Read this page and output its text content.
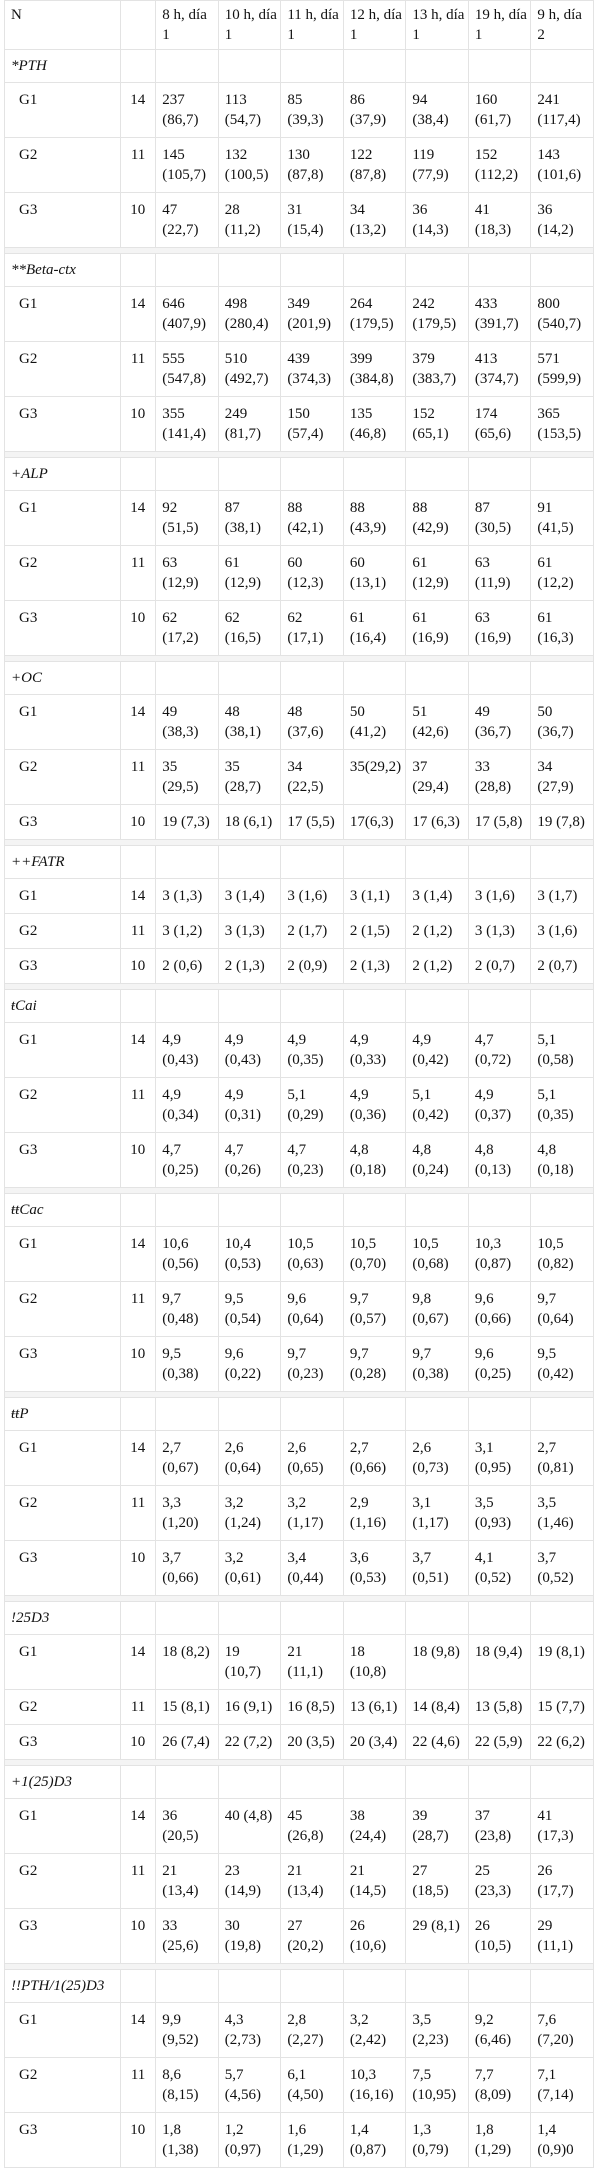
N		8 h, día 1	10 h, día 1	11 h, día 1	12 h, día 1	13 h, día 1	19 h, día 1	9 h, día 2
*PTH								
G1	14	237 (86,7)	113 (54,7)	85 (39,3)	86 (37,9)	94 (38,4)	160 (61,7)	241 (117,4)
G2	11	145 (105,7)	132 (100,5)	130 (87,8)	122 (87,8)	119 (77,9)	152 (112,2)	143 (101,6)
G3	10	47 (22,7)	28 (11,2)	31 (15,4)	34 (13,2)	36 (14,3)	41 (18,3)	36 (14,2)

**Beta-ctx								
G1	14	646 (407,9)	498 (280,4)	349 (201,9)	264 (179,5)	242 (179,5)	433 (391,7)	800 (540,7)
G2	11	555 (547,8)	510 (492,7)	439 (374,3)	399 (384,8)	379 (383,7)	413 (374,7)	571 (599,9)
G3	10	355 (141,4)	249 (81,7)	150 (57,4)	135 (46,8)	152 (65,1)	174 (65,6)	365 (153,5)

+ALP								
G1	14	92 (51,5)	87 (38,1)	88 (42,1)	88 (43,9)	88 (42,9)	87 (30,5)	91 (41,5)
G2	11	63 (12,9)	61 (12,9)	60 (12,3)	60 (13,1)	61 (12,9)	63 (11,9)	61 (12,2)
G3	10	62 (17,2)	62 (16,5)	62 (17,1)	61 (16,4)	61 (16,9)	63 (16,9)	61 (16,3)

+OC								
G1	14	49 (38,3)	48 (38,1)	48 (37,6)	50 (41,2)	51 (42,6)	49 (36,7)	50 (36,7)
G2	11	35 (29,5)	35 (28,7)	34 (22,5)	35(29,2)	37 (29,4)	33 (28,8)	34 (27,9)
G3	10	19 (7,3)	18 (6,1)	17 (5,5)	17(6,3)	17 (6,3)	17 (5,8)	19 (7,8)

++FATR								
G1	14	3 (1,3)	3 (1,4)	3 (1,6)	3 (1,1)	3 (1,4)	3 (1,6)	3 (1,7)
G2	11	3 (1,2)	3 (1,3)	2 (1,7)	2 (1,5)	2 (1,2)	3 (1,3)	3 (1,6)
G3	10	2 (0,6)	2 (1,3)	2 (0,9)	2 (1,3)	2 (1,2)	2 (0,7)	2 (0,7)

ŧCai								
G1	14	4,9 (0,43)	4,9 (0,43)	4,9 (0,35)	4,9 (0,33)	4,9 (0,42)	4,7 (0,72)	5,1 (0,58)
G2	11	4,9 (0,34)	4,9 (0,31)	5,1 (0,29)	4,9 (0,36)	5,1 (0,42)	4,9 (0,37)	5,1 (0,35)
G3	10	4,7 (0,25)	4,7 (0,26)	4,7 (0,23)	4,8 (0,18)	4,8 (0,24)	4,8 (0,13)	4,8 (0,18)

ŧŧCac								
G1	14	10,6 (0,56)	10,4 (0,53)	10,5 (0,63)	10,5 (0,70)	10,5 (0,68)	10,3 (0,87)	10,5 (0,82)
G2	11	9,7 (0,48)	9,5 (0,54)	9,6 (0,64)	9,7 (0,57)	9,8 (0,67)	9,6 (0,66)	9,7 (0,64)
G3	10	9,5 (0,38)	9,6 (0,22)	9,7 (0,23)	9,7 (0,28)	9,7 (0,38)	9,6 (0,25)	9,5 (0,42)

ŧŧP								
G1	14	2,7 (0,67)	2,6 (0,64)	2,6 (0,65)	2,7 (0,66)	2,6 (0,73)	3,1 (0,95)	2,7 (0,81)
G2	11	3,3 (1,20)	3,2 (1,24)	3,2 (1,17)	2,9 (1,16)	3,1 (1,17)	3,5 (0,93)	3,5 (1,46)
G3	10	3,7 (0,66)	3,2 (0,61)	3,4 (0,44)	3,6 (0,53)	3,7 (0,51)	4,1 (0,52)	3,7 (0,52)

!25D3								
G1	14	18 (8,2)	19 (10,7)	21 (11,1)	18 (10,8)	18 (9,8)	18 (9,4)	19 (8,1)
G2	11	15 (8,1)	16 (9,1)	16 (8,5)	13 (6,1)	14 (8,4)	13 (5,8)	15 (7,7)
G3	10	26 (7,4)	22 (7,2)	20 (3,5)	20 (3,4)	22 (4,6)	22 (5,9)	22 (6,2)

+1(25)D3								
G1	14	36 (20,5)	40 (4,8)	45 (26,8)	38 (24,4)	39 (28,7)	37 (23,8)	41 (17,3)
G2	11	21 (13,4)	23 (14,9)	21 (13,4)	21 (14,5)	27 (18,5)	25 (23,3)	26 (17,7)
G3	10	33 (25,6)	30 (19,8)	27 (20,2)	26 (10,6)	29 (8,1)	26 (10,5)	29 (11,1)

!!PTH/1(25)D3								
G1	14	9,9 (9,52)	4,3 (2,73)	2,8 (2,27)	3,2 (2,42)	3,5 (2,23)	9,2 (6,46)	7,6 (7,20)
G2	11	8,6 (8,15)	5,7 (4,56)	6,1 (4,50)	10,3 (16,16)	7,5 (10,95)	7,7 (8,09)	7,1 (7,14)
G3	10	1,8 (1,38)	1,2 (0,97)	1,6 (1,29)	1,4 (0,87)	1,3 (0,79)	1,8 (1,29)	1,4 (0,9)0
